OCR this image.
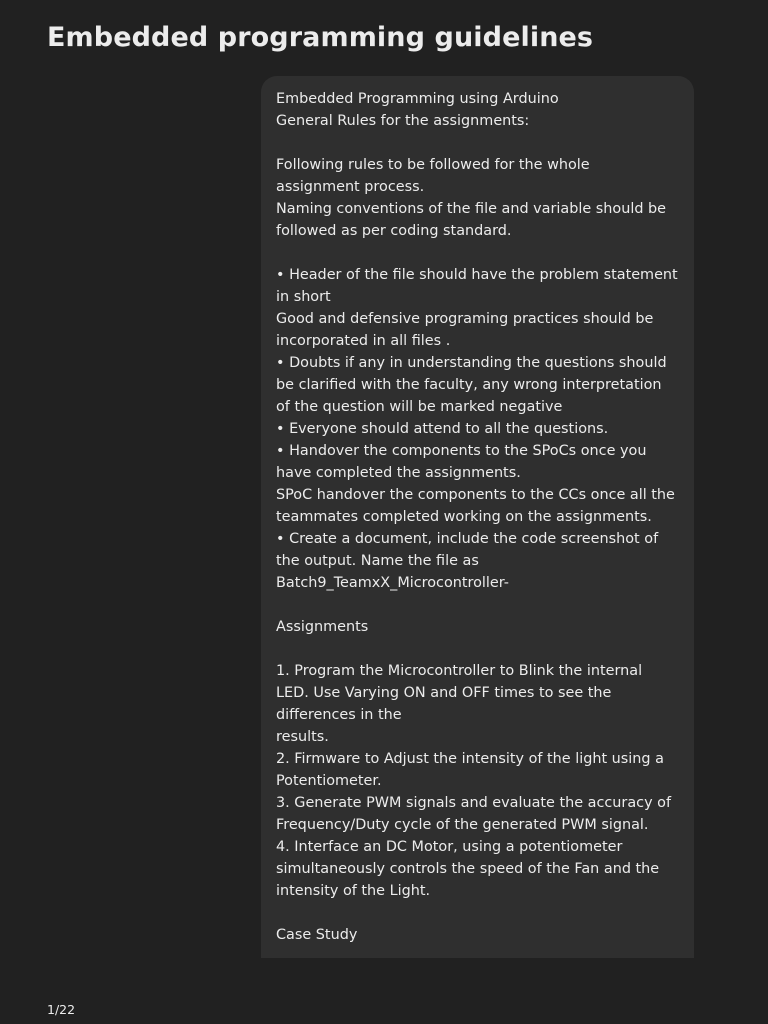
Embedded programming guidelines
Embedded Programming using Arduino
General Rules for the assignments:
Following rules to be followed for the whole
assignment process.
Naming conventions of the file and variable should be
followed as per coding standard.
• Header of the file should have the problem statement
in short
Good and defensive programing practices should be
incorporated in all files .
• Doubts if any in understanding the questions should
be clarified with the faculty, any wrong interpretation
of the question will be marked negative
• Everyone should attend to all the questions.
• Handover the components to the SPoCs once you
have completed the assignments.
SPoC handover the components to the CCs once all the
teammates completed working on the assignments.
• Create a document, include the code screenshot of
the output. Name the file as
Batch9_TeamxX_Microcontroller-
Assignments
1. Program the Microcontroller to Blink the internal
LED. Use Varying ON and OFF times to see the
differences in the
results.
2. Firmware to Adjust the intensity of the light using a
Potentiometer.
3. Generate PWM signals and evaluate the accuracy of
Frequency/Duty cycle of the generated PWM signal.
4. Interface an DC Motor, using a potentiometer
simultaneously controls the speed of the Fan and the
intensity of the Light.
Case Study
1/22
